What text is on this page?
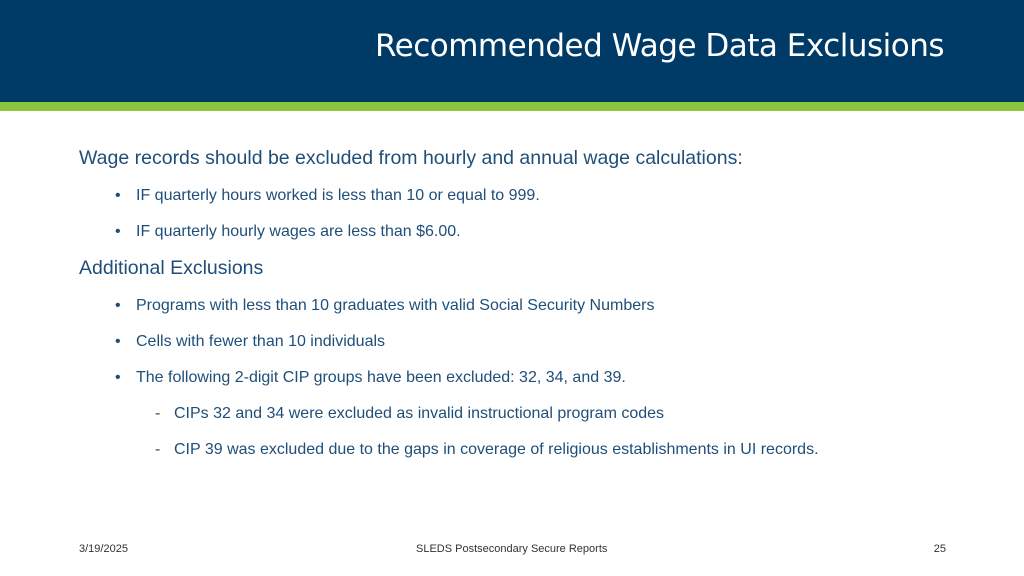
Recommended Wage Data Exclusions

Wage records should be excluded from hourly and annual wage calculations:

• IF quarterly hours worked is less than 10 or equal to 999.
• IF quarterly hourly wages are less than $6.00.

Additional Exclusions

• Programs with less than 10 graduates with valid Social Security Numbers
• Cells with fewer than 10 individuals
• The following 2-digit CIP groups have been excluded: 32, 34, and 39.
- CIPs 32 and 34 were excluded as invalid instructional program codes
- CIP 39 was excluded due to the gaps in coverage of religious establishments in UI records.
3/19/2025	SLEDS Postsecondary Secure Reports	25
